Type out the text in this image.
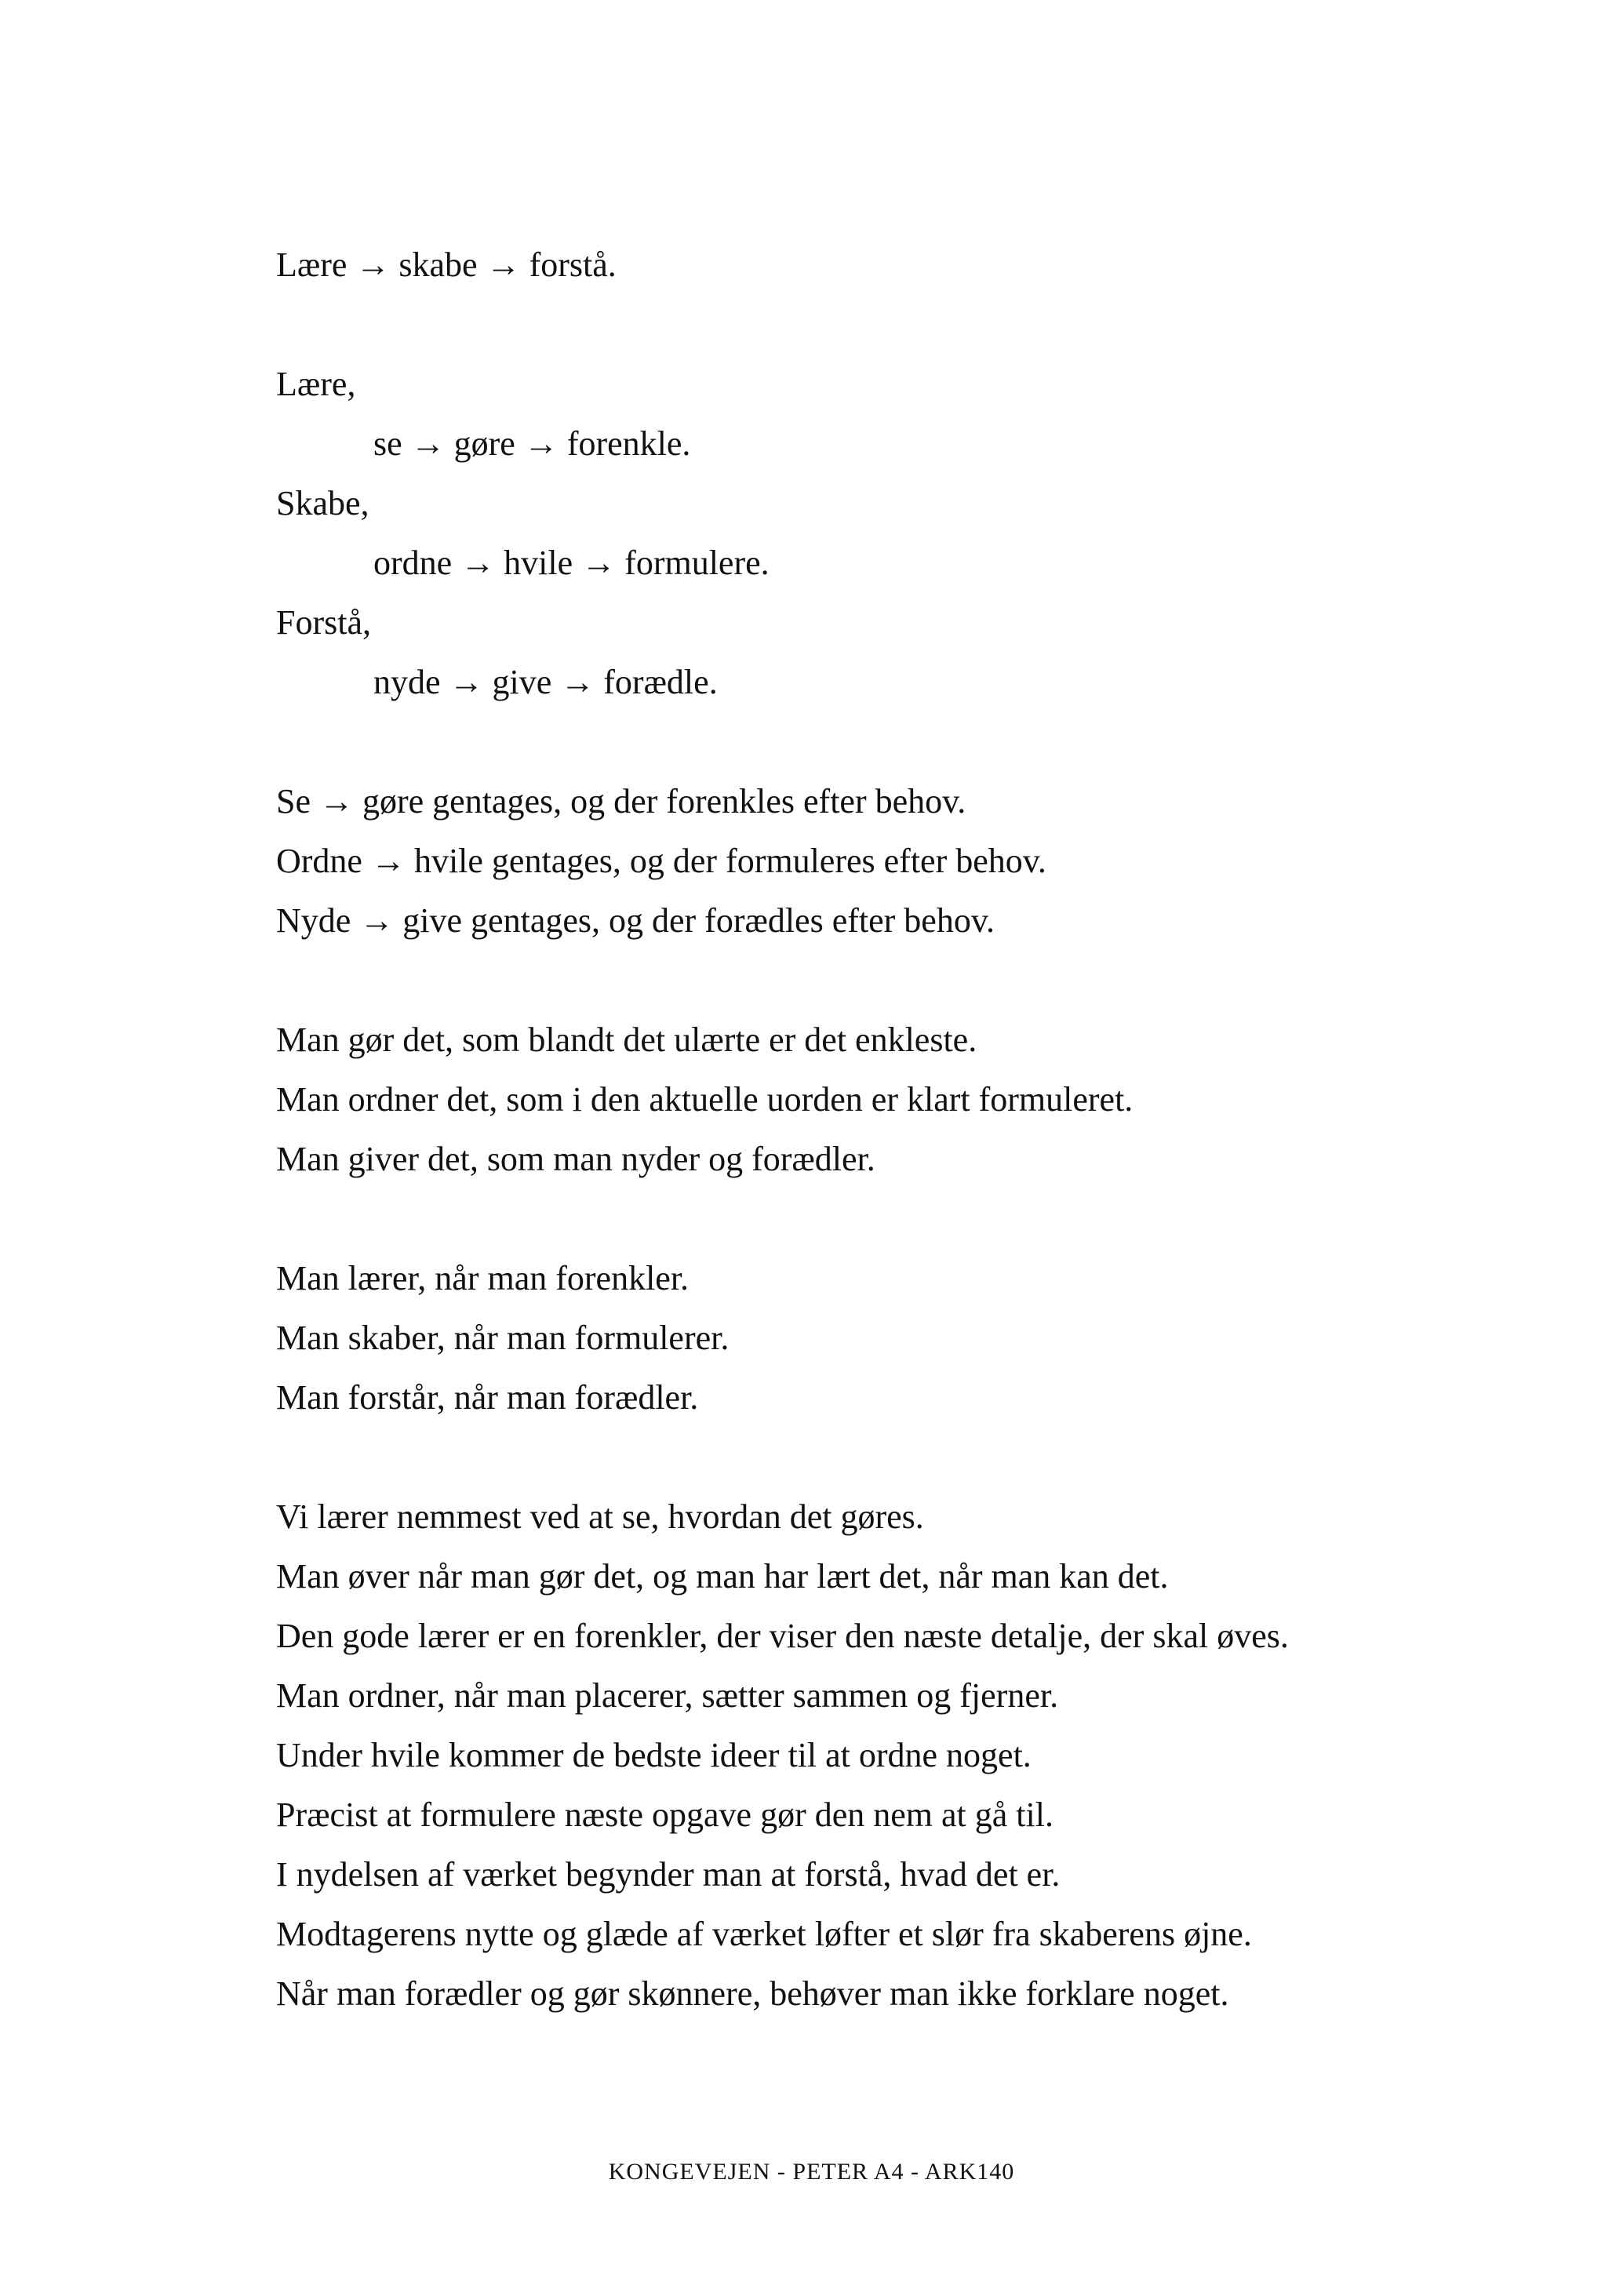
Lære → skabe → forstå.
Lære,
se → gøre → forenkle.
Skabe,
ordne → hvile → formulere.
Forstå,
nyde → give → forædle.
Se → gøre gentages, og der forenkles efter behov.
Ordne → hvile gentages, og der formuleres efter behov.
Nyde → give gentages, og der forædles efter behov.
Man gør det, som blandt det ulærte er det enkleste.
Man ordner det, som i den aktuelle uorden er klart formuleret.
Man giver det, som man nyder og forædler.
Man lærer, når man forenkler.
Man skaber, når man formulerer.
Man forstår, når man forædler.
Vi lærer nemmest ved at se, hvordan det gøres.
Man øver når man gør det, og man har lært det, når man kan det.
Den gode lærer er en forenkler, der viser den næste detalje, der skal øves.
Man ordner, når man placerer, sætter sammen og fjerner.
Under hvile kommer de bedste ideer til at ordne noget.
Præcist at formulere næste opgave gør den nem at gå til.
I nydelsen af værket begynder man at forstå, hvad det er.
Modtagerens nytte og glæde af værket løfter et slør fra skaberens øjne.
Når man forædler og gør skønnere, behøver man ikke forklare noget.
KONGEVEJEN - PETER A4 - ARK140
